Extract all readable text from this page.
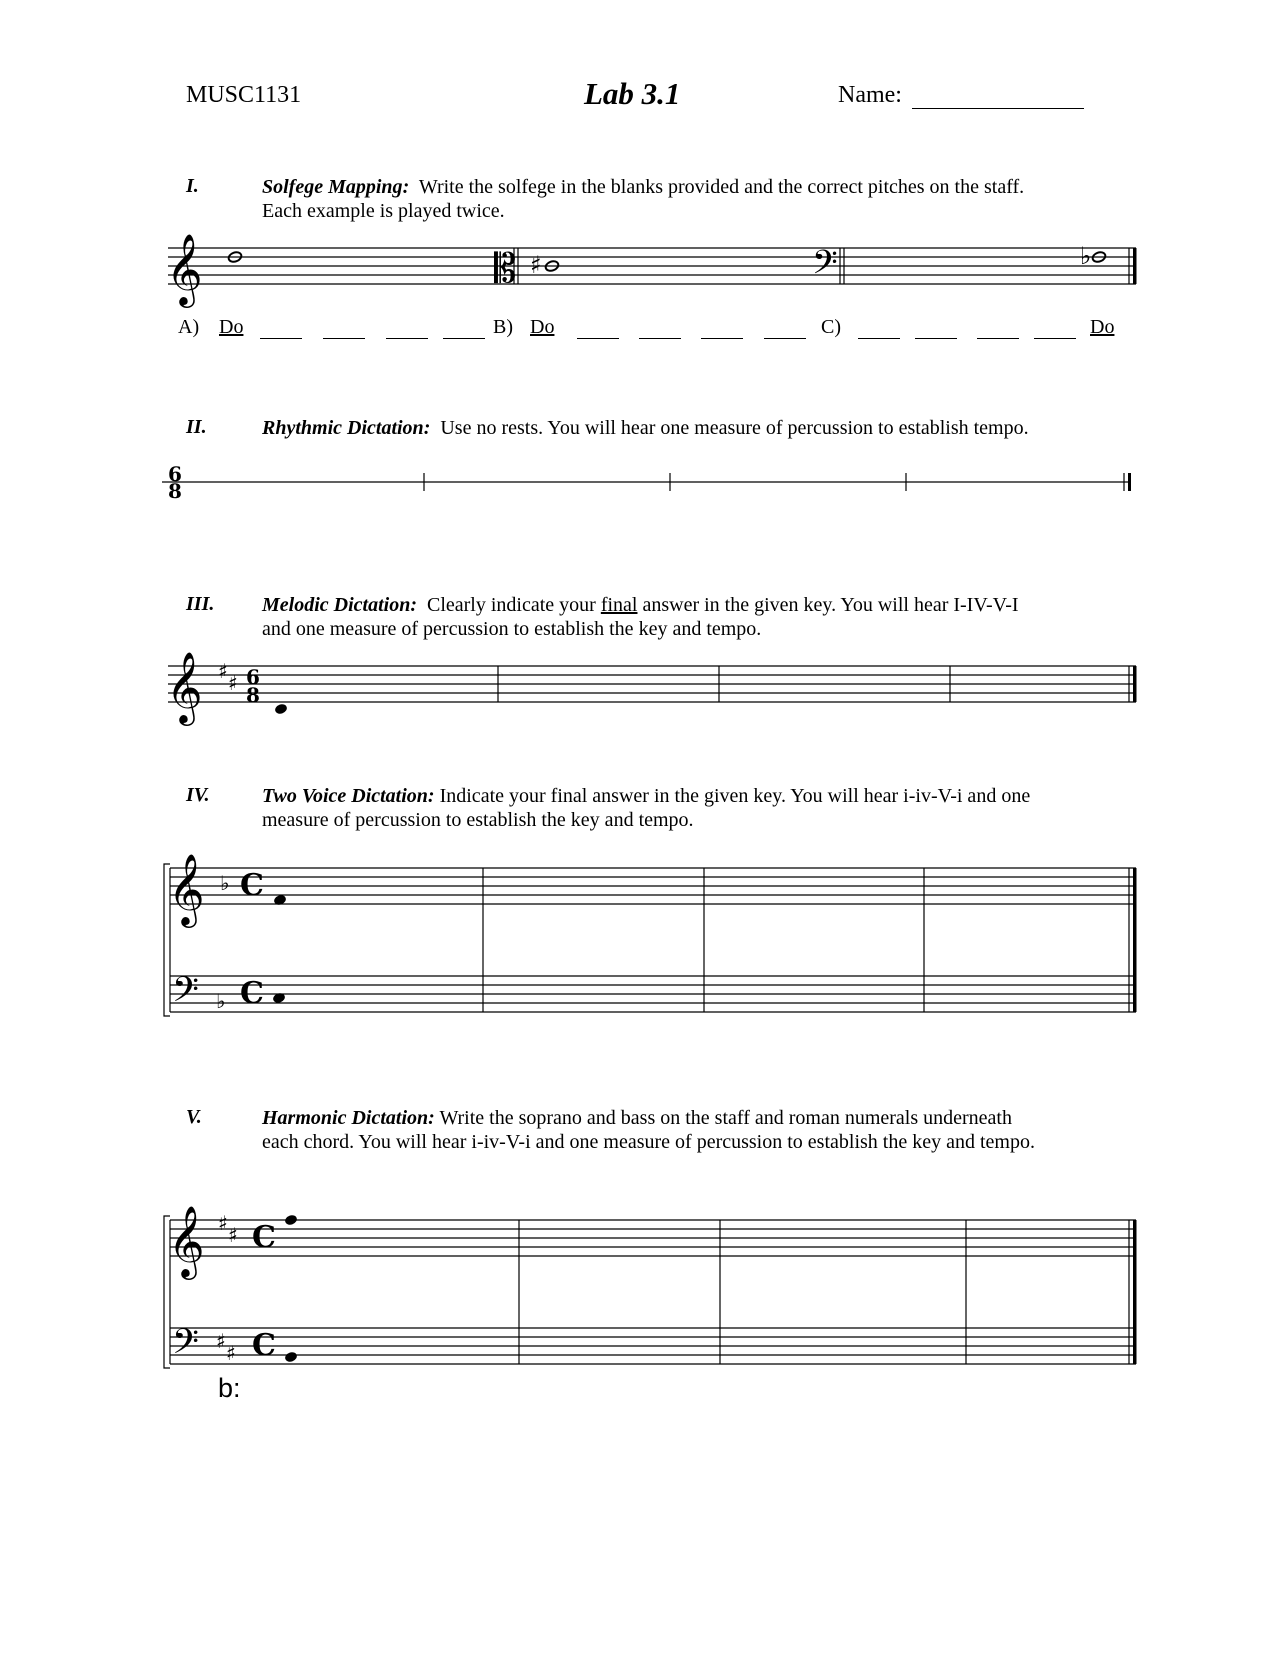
MUSC1131	Lab 3.1	Name:
I.	Solfege Mapping: Write the solfege in the blanks provided and the correct pitches on the staff.
Each example is played twice.
𝄞	𝄡 ♯	𝄢	♭
A) Do	B) Do	C)	Do
II.	Rhythmic Dictation: Use no rests. You will hear one measure of percussion to establish tempo.
6
8
III. Melodic Dictation: Clearly indicate your final answer in the given key. You will hear I-IV-V-I
and one measure of percussion to establish the key and tempo.
𝄞 ♯ ♯ 6
8
IV.	Two Voice Dictation: Indicate your final answer in the given key. You will hear i-iv-V-i and one
measure of percussion to establish the key and tempo.
𝄞 ♭ C
𝄢 ♭ C
V.	Harmonic Dictation: Write the soprano and bass on the staff and roman numerals underneath
each chord. You will hear i-iv-V-i and one measure of percussion to establish the key and tempo.
𝄞 ♯ ♯ C
𝄢 ♯ ♯ C
b:
